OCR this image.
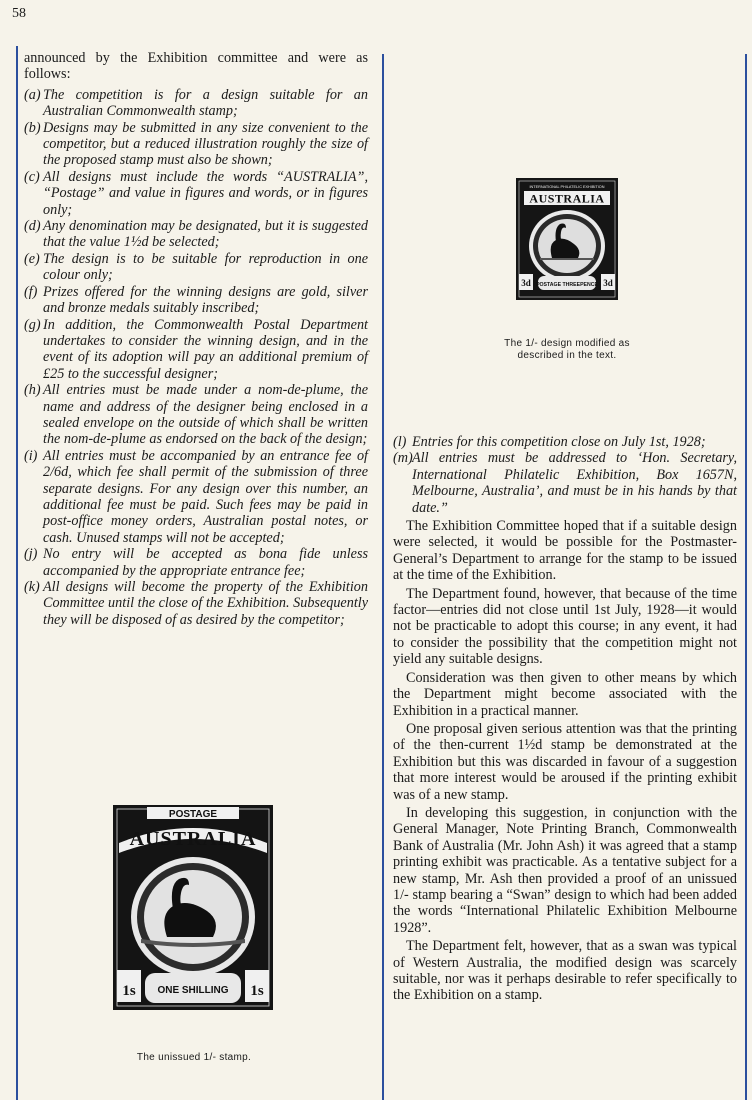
58

announced by the Exhibition committee and were as follows:

(a) The competition is for a design suitable for an Australian Commonwealth stamp;
(b) Designs may be submitted in any size convenient to the competitor, but a reduced illustration roughly the size of the proposed stamp must also be shown;
(c) All designs must include the words “AUSTRALIA”, “Postage” and value in figures and words, or in figures only;
(d) Any denomination may be designated, but it is suggested that the value 1½d be selected;
(e) The design is to be suitable for reproduction in one colour only;
(f) Prizes offered for the winning designs are gold, silver and bronze medals suitably inscribed;
(g) In addition, the Commonwealth Postal Department undertakes to consider the winning design, and in the event of its adoption will pay an additional premium of £25 to the successful designer;
(h) All entries must be made under a nom-de-plume, the name and address of the designer being enclosed in a sealed envelope on the outside of which shall be written the nom-de-plume as endorsed on the back of the design;
(i) All entries must be accompanied by an entrance fee of 2/6d, which fee shall permit of the submission of three separate designs. For any design over this number, an additional fee must be paid. Such fees may be paid in post-office money orders, Australian postal notes, or cash. Unused stamps will not be accepted;
(j) No entry will be accepted as bona fide unless accompanied by the appropriate entrance fee;
(k) All designs will become the property of the Exhibition Committee until the close of the Exhibition. Subsequently they will be disposed of as desired by the competitor;
(l) Entries for this competition close on July 1st, 1928;
(m) All entries must be addressed to ‘Hon. Secretary, International Philatelic Exhibition, Box 1657N, Melbourne, Australia’, and must be in his hands by that date.”

The Exhibition Committee hoped that if a suitable design were selected, it would be possible for the Postmaster-General’s Department to arrange for the stamp to be issued at the time of the Exhibition.

The Department found, however, that because of the time factor—entries did not close until 1st July, 1928—it would not be practicable to adopt this course; in any event, it had to consider the possibility that the competition might not yield any suitable designs.

Consideration was then given to other means by which the Department might become associated with the Exhibition in a practical manner.

One proposal given serious attention was that the printing of the then-current 1½d stamp be demonstrated at the Exhibition but this was discarded in favour of a suggestion that more interest would be aroused if the printing exhibit was of a new stamp.

In developing this suggestion, in conjunction with the General Manager, Note Printing Branch, Commonwealth Bank of Australia (Mr. John Ash) it was agreed that a stamp printing exhibit was practicable. As a tentative subject for a new stamp, Mr. Ash then provided a proof of an unissued 1/- stamp bearing a “Swan” design to which had been added the words “International Philatelic Exhibition Melbourne 1928”.

The Department felt, however, that as a swan was typical of Western Australia, the modified design was scarcely suitable, nor was it perhaps desirable to refer specifically to the Exhibition on a stamp.

INTERNATIONAL PHILATELIC EXHIBITION
AUSTRALIA
3d	3d
POSTAGE THREEPENCE
The 1/- design modified as described in the text.
POSTAGE
AUSTRALIA
1s	1s
ONE SHILLING
The unissued 1/- stamp.
